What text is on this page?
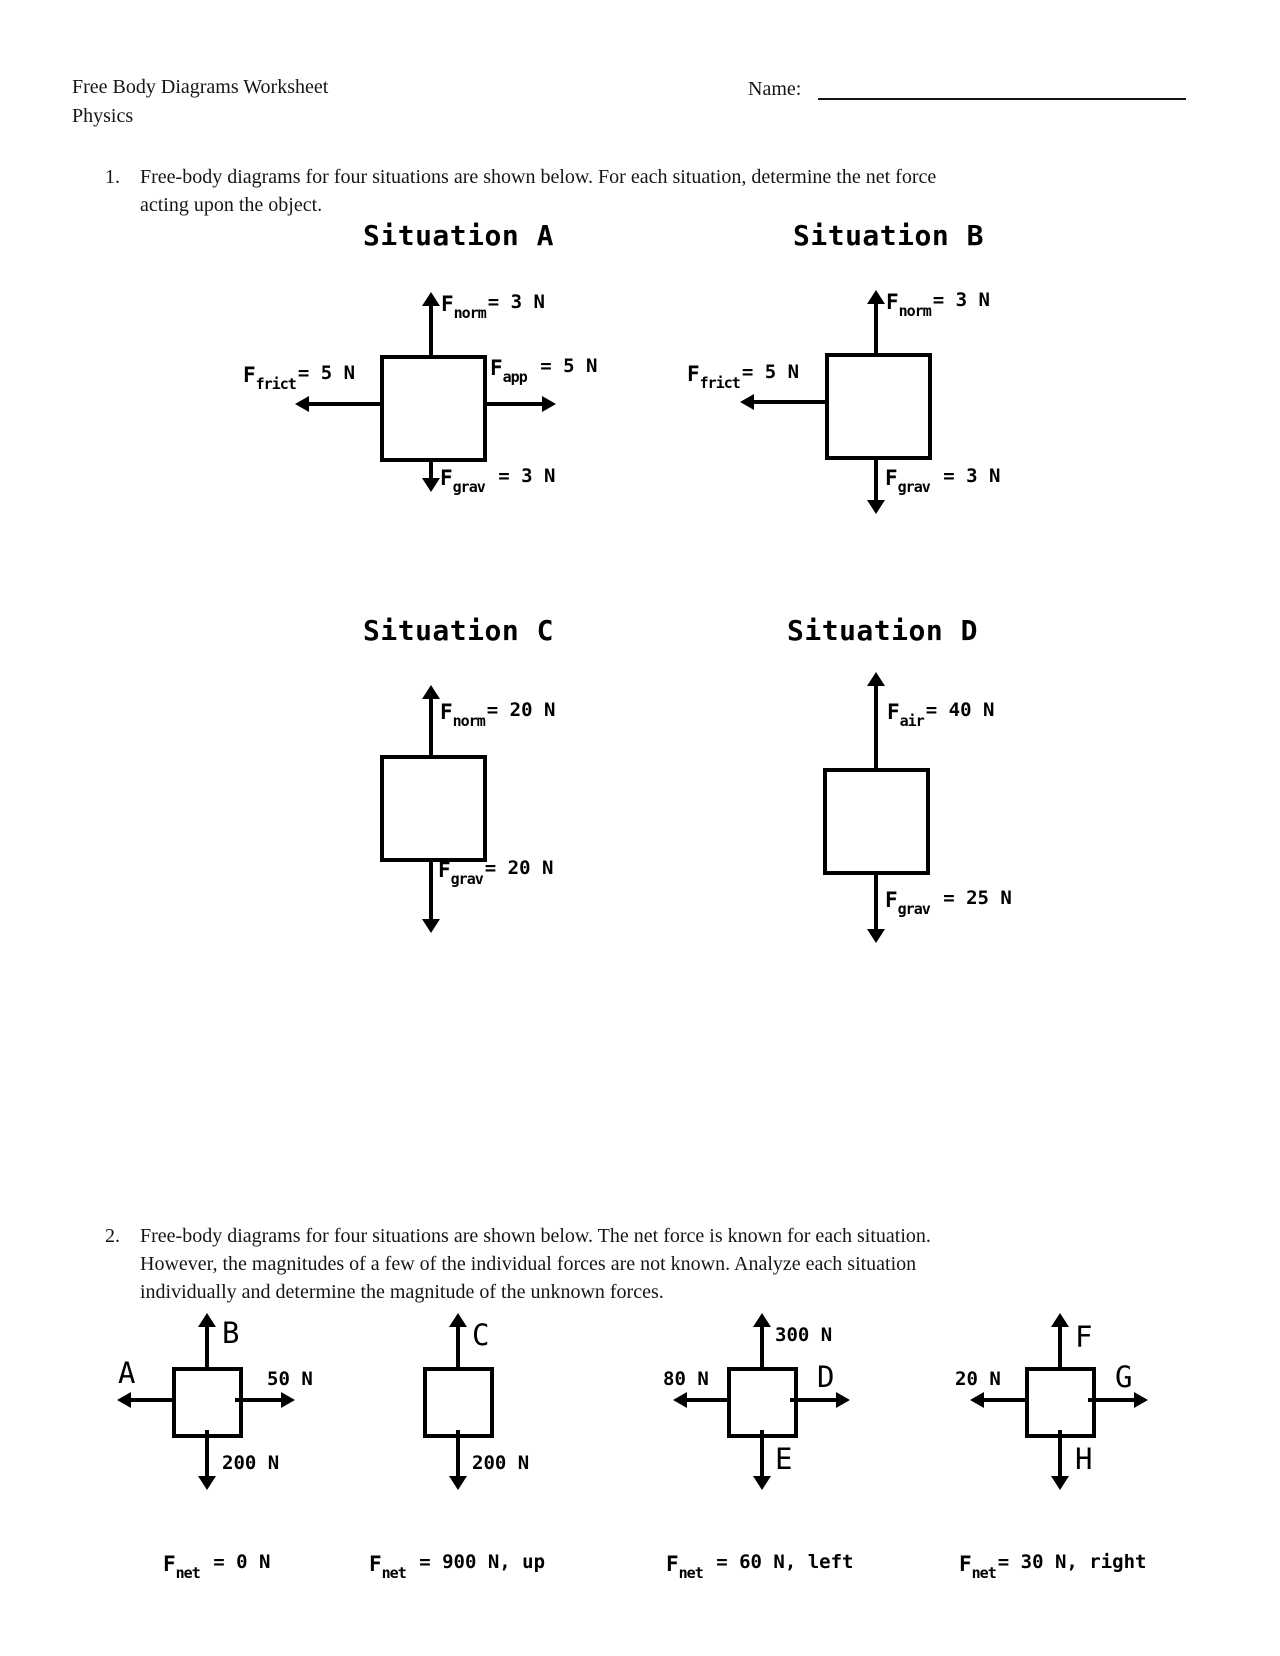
Free Body Diagrams Worksheet
Physics
Name:
1. Free-body diagrams for four situations are shown below. For each situation, determine the net force
acting upon the object.
Situation A
Fnorm = 3 N
Ffrict = 5 N	Fapp = 5 N
Fgrav = 3 N
Situation B
Fnorm = 3 N
Ffrict = 5 N
Fgrav = 3 N
Situation C
Fnorm = 20 N
Fgrav = 20 N
Situation D
Fair = 40 N
Fgrav = 25 N
2. Free-body diagrams for four situations are shown below. The net force is known for each situation.
However, the magnitudes of a few of the individual forces are not known. Analyze each situation
individually and determine the magnitude of the unknown forces.
B
A	50 N
200 N
Fnet = 0 N
C
200 N
Fnet = 900 N, up
300 N
80 N	D
E
Fnet = 60 N, left
F
20 N	G
H
Fnet = 30 N, right
